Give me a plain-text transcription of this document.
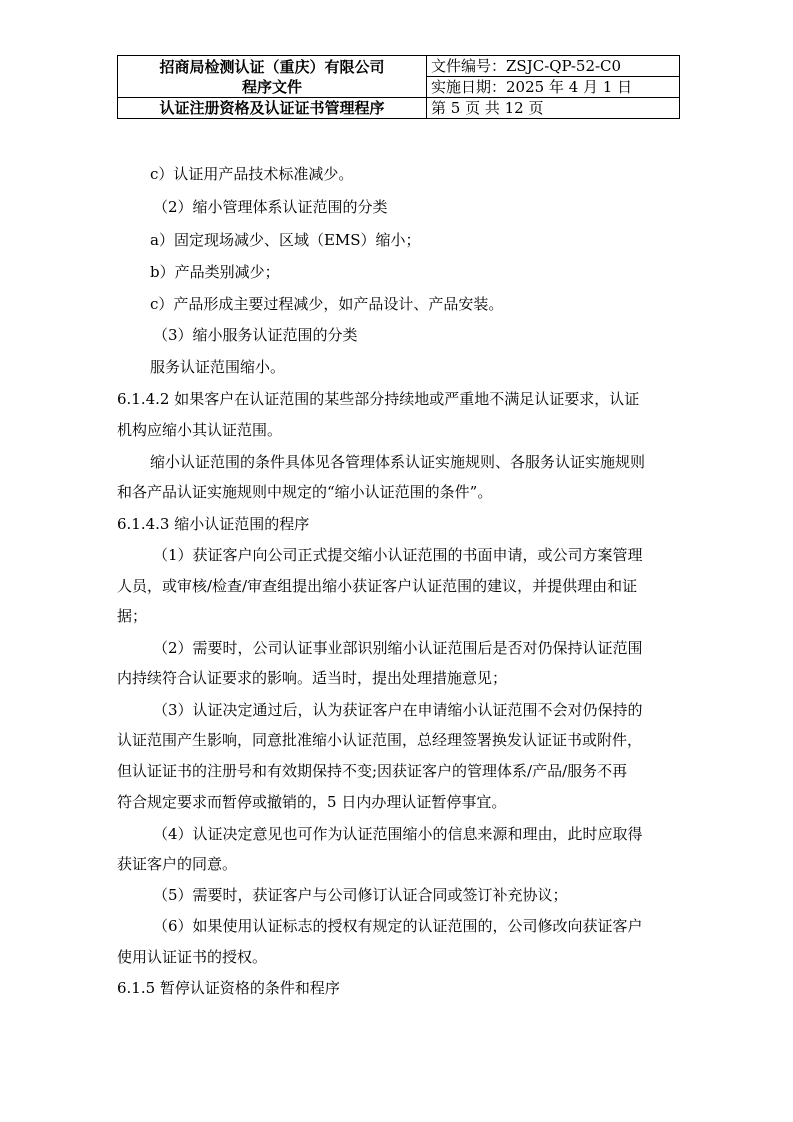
招商局检测认证（重庆）有限公司
程序文件	文件编号：ZSJC-QP-52-C0
	实施日期：2025 年 4 月 1 日
认证注册资格及认证证书管理程序	第 5 页 共 12 页
c）认证用产品技术标准减少。
（2）缩小管理体系认证范围的分类
a）固定现场减少、区域（EMS）缩小；
b）产品类别减少；
c）产品形成主要过程减少，如产品设计、产品安装。
（3）缩小服务认证范围的分类
服务认证范围缩小。
6.1.4.2 如果客户在认证范围的某些部分持续地或严重地不满足认证要求，认证
机构应缩小其认证范围。
缩小认证范围的条件具体见各管理体系认证实施规则、各服务认证实施规则
和各产品认证实施规则中规定的“缩小认证范围的条件”。
6.1.4.3 缩小认证范围的程序
（1）获证客户向公司正式提交缩小认证范围的书面申请，或公司方案管理
人员，或审核/检查/审查组提出缩小获证客户认证范围的建议，并提供理由和证
据；
（2）需要时，公司认证事业部识别缩小认证范围后是否对仍保持认证范围
内持续符合认证要求的影响。适当时，提出处理措施意见；
（3）认证决定通过后，认为获证客户在申请缩小认证范围不会对仍保持的
认证范围产生影响，同意批准缩小认证范围，总经理签署换发认证证书或附件，
但认证证书的注册号和有效期保持不变;因获证客户的管理体系/产品/服务不再
符合规定要求而暂停或撤销的，5 日内办理认证暂停事宜。
（4）认证决定意见也可作为认证范围缩小的信息来源和理由，此时应取得
获证客户的同意。
（5）需要时，获证客户与公司修订认证合同或签订补充协议；
（6）如果使用认证标志的授权有规定的认证范围的，公司修改向获证客户
使用认证证书的授权。
6.1.5 暂停认证资格的条件和程序
